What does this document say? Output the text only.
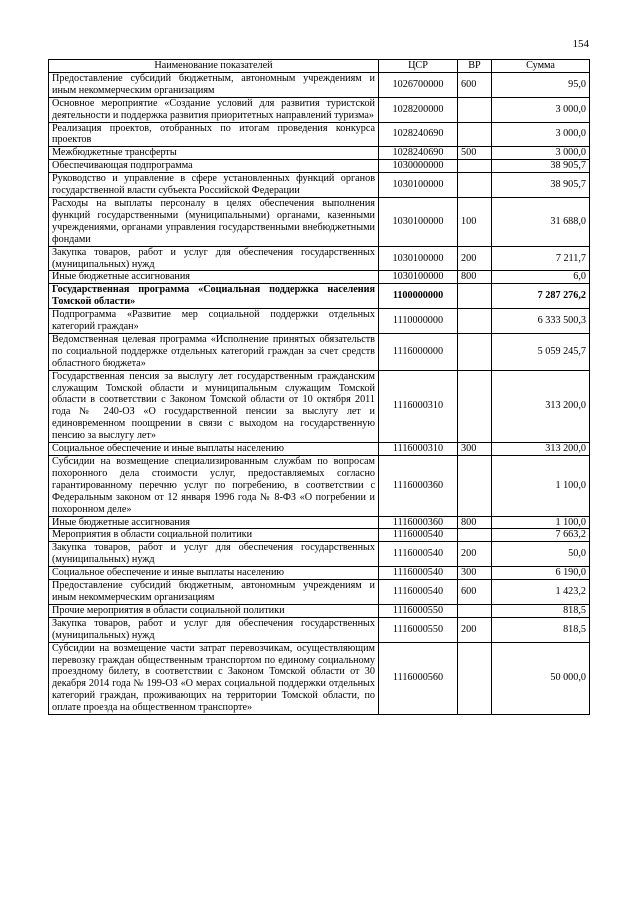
154
Наименование показателей	ЦСР	ВР	Сумма
Предоставление субсидий бюджетным, автономным учреждениям и иным некоммерческим организациям	1026700000	600	95,0
Основное мероприятие «Создание условий для развития туристской деятельности и поддержка развития приоритетных направлений туризма»	1028200000		3 000,0
Реализация проектов, отобранных по итогам проведения конкурса проектов	1028240690		3 000,0
Межбюджетные трансферты	1028240690	500	3 000,0
Обеспечивающая подпрограмма	1030000000		38 905,7
Руководство и управление в сфере установленных функций органов государственной власти субъекта Российской Федерации	1030100000		38 905,7
Расходы на выплаты персоналу в целях обеспечения выполнения функций государственными (муниципальными) органами, казенными учреждениями, органами управления государственными внебюджетными фондами	1030100000	100	31 688,0
Закупка товаров, работ и услуг для обеспечения государственных (муниципальных) нужд	1030100000	200	7 211,7
Иные бюджетные ассигнования	1030100000	800	6,0
Государственная программа «Социальная поддержка населения Томской области»	1100000000		7 287 276,2
Подпрограмма «Развитие мер социальной поддержки отдельных категорий граждан»	1110000000		6 333 500,3
Ведомственная целевая программа «Исполнение принятых обязательств по социальной поддержке отдельных категорий граждан за счет средств областного бюджета»	1116000000		5 059 245,7
Государственная пенсия за выслугу лет государственным гражданским служащим Томской области и муниципальным служащим Томской области в соответствии с Законом Томской области от 10 октября 2011 года № 240-ОЗ «О государственной пенсии за выслугу лет и единовременном поощрении в связи с выходом на государственную пенсию за выслугу лет»	1116000310		313 200,0
Социальное обеспечение и иные выплаты населению	1116000310	300	313 200,0
Субсидии на возмещение специализированным службам по вопросам похоронного дела стоимости услуг, предоставляемых согласно гарантированному перечню услуг по погребению, в соответствии с Федеральным законом от 12 января 1996 года № 8-ФЗ «О погребении и похоронном деле»	1116000360		1 100,0
Иные бюджетные ассигнования	1116000360	800	1 100,0
Мероприятия в области социальной политики	1116000540		7 663,2
Закупка товаров, работ и услуг для обеспечения государственных (муниципальных) нужд	1116000540	200	50,0
Социальное обеспечение и иные выплаты населению	1116000540	300	6 190,0
Предоставление субсидий бюджетным, автономным учреждениям и иным некоммерческим организациям	1116000540	600	1 423,2
Прочие мероприятия в области социальной политики	1116000550		818,5
Закупка товаров, работ и услуг для обеспечения государственных (муниципальных) нужд	1116000550	200	818,5
Субсидии на возмещение части затрат перевозчикам, осуществляющим перевозку граждан общественным транспортом по единому социальному проездному билету, в соответствии с Законом Томской области от 30 декабря 2014 года № 199-ОЗ «О мерах социальной поддержки отдельных категорий граждан, проживающих на территории Томской области, по оплате проезда на общественном транспорте»	1116000560		50 000,0
